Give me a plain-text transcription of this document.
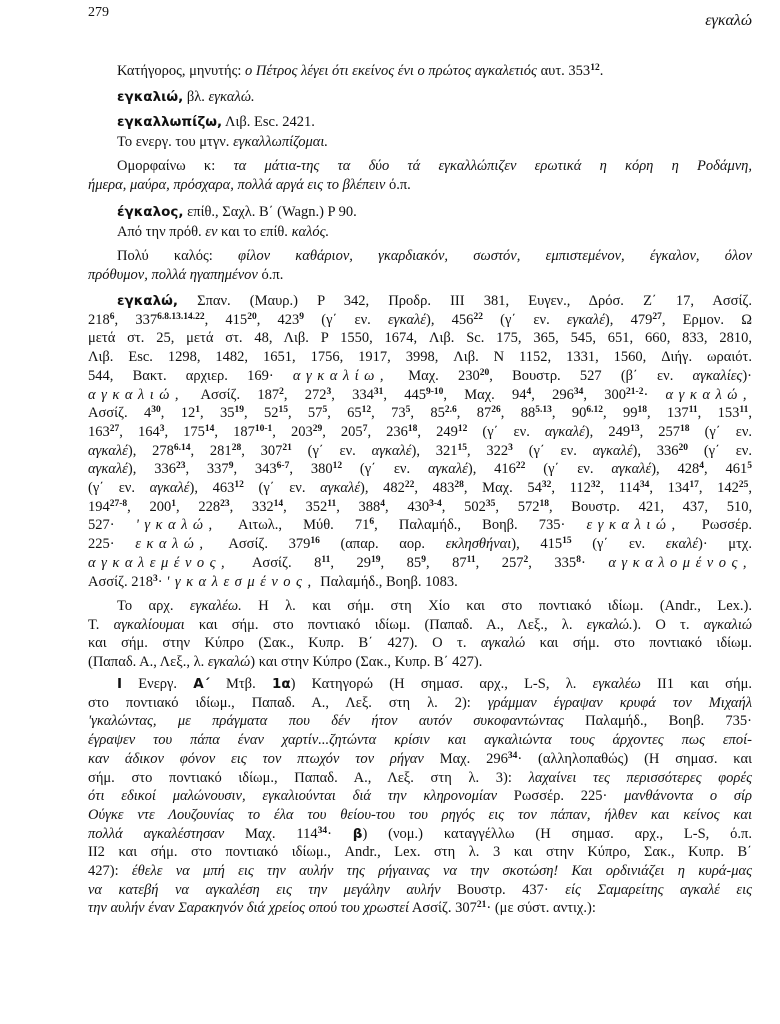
279	εγκαλώ
Κατήγορος, μηνυτής: ο Πέτρος λέγει ότι εκείνος ένι ο πρώτος αγκαλετιός αυτ. $353^{12}$.
εγκαλιώ, βλ. εγκαλώ.
εγκαλλωπίζω, Λιβ. Esc. 2421.
Το ενεργ. του μτγν. εγκαλλωπίζομαι.
Ομορφαίνω κ: τα μάτια-της τα δύο τά εγκαλλώπιζεν ερωτικά η κόρη η Ροδάμνη,
ήμερα, μαύρα, πρόσχαρα, πολλά αργά εις το βλέπειν ό.π.
έγκαλος, επίθ., Σαχλ. Β΄ (Wagn.) P 90.
Από την πρόθ. εν και το επίθ. καλός.
Πολύ καλός: φίλον καθάριον, γκαρδιακόν, σωστόν, εμπιστεμένον, έγκαλον, όλον
πρόθυμον, πολλά ηγαπημένον ό.π.
εγκαλώ, Σπαν. (Μαυρ.) P 342, Προδρ. III 381, Ευγεν., Δρόσ. Ζ΄ 17, Ασσίζ.
$218^6$, $337^{6.8.13.14.22}$, $415^{20}$, $423^9$ (γ΄ εν. εγκαλέ), $456^{22}$ (γ΄ εν. εγκαλέ), $479^{27}$, Ερμον. Ω
μετά στ. 25, μετά στ. 48, Λιβ. P 1550, 1674, Λιβ. Sc. 175, 365, 545, 651, 660, 833, 2810,
Λιβ. Esc. 1298, 1482, 1651, 1756, 1917, 3998, Λιβ. N 1152, 1331, 1560, Διήγ. ωραιότ.
544, Βακτ. αρχιερ. 169· αγκαλίω, Μαχ. $230^{20}$, Βουστρ. 527 (β΄ εν. αγκαλίες)·
αγκαλιώ, Ασσίζ. $187^2$, $272^3$, $334^{31}$, 445$^{9-10}$, Μαχ. $94^4$, $296^{34}$, $300^{21-2}\cdot \alpha\gamma\kappa\alpha\lambda ώ$,
Ασσίζ. $4^{30}$, $12^1$, $35^{19}$, $52^{15}$, $57^5$, $65^{12}$, $73^5$, $85^{2.6}$, $87^{26}$, $88^{5.13}$, $90^{6.12}$, $99^{18}$, $137^{11}$, $153^{11}$,
$163^{27}$, $164^3$, $175^{14}$, 187$^{10-1}$, $203^{29}$, $205^7$, $236^{18}$, $249^{12}$ (γ΄ εν. αγκαλέ), $249^{13}$, $257^{18}$ (γ΄ εν.
αγκαλέ), $278^{6.14}$, $281^{28}$, $307^{21}$ (γ΄ εν. αγκαλέ), $321^{15}$, $322^3$ (γ΄ εν. αγκαλέ), $336^{20}$ (γ΄ εν.
αγκαλέ), $336^{23}$, $337^9$, 343$^{6-7}$, $380^{12}$ (γ΄ εν. αγκαλέ), $416^{22}$ (γ΄ εν. αγκαλέ), $428^4$, $461^5$
(γ΄ εν. αγκαλέ), $463^{12}$ (γ΄ εν. αγκαλέ), $482^{22}$, $483^{28}$, Μαχ. $54^{32}$, $112^{32}$, $114^{34}$, $134^{17}$, $142^{25}$,
194$^{27-8}$, $200^1$, $228^{23}$, $332^{14}$, $352^{11}$, $388^4$, 430$^{3-4}$, $502^{35}$, $572^{18}$, Βουστρ. 421, 437, 510,
527· 'γκαλώ, Αιτωλ., Μύθ. $71^6$, Παλαμήδ., Βοηβ. 735· εγκαλιώ, Ρωσσέρ.
225· εκαλώ, Ασσίζ. $379^{16}$ (απαρ. αορ. εκλησθήναι), $415^{15}$ (γ΄ εν. εκαλέ)· μτχ.
αγκαλεμένος, Ασσίζ. $8^{11}$, $29^{19}$, $85^9$, $87^{11}$, $257^2$, $335^8\cdot \alpha\gamma\kappa\alpha\lambda o\mu έ\nu o\varsigma$,
Ασσίζ. $218^3\cdot$ 'γκαλεσμένος, Παλαμήδ., Βοηβ. 1083.
Το αρχ. εγκαλέω. Η λ. και σήμ. στη Χίο και στο ποντιακό ιδίωμ. (Andr., Lex.).
Τ. αγκαλίουμαι και σήμ. στο ποντιακό ιδίωμ. (Παπαδ. Α., Λεξ., λ. εγκαλώ.). Ο τ. αγκαλιώ
και σήμ. στην Κύπρο (Σακ., Κυπρ. Β΄ 427). Ο τ. αγκαλώ και σήμ. στο ποντιακό ιδίωμ.
(Παπαδ. Α., Λεξ., λ. εγκαλώ) και στην Κύπρο (Σακ., Κυπρ. Β΄ 427).
I Ενεργ. Α΄ Μτβ. 1α) Κατηγορώ (Η σημασ. αρχ., L-S, λ. εγκαλέω ΙΙ1 και σήμ.
στο ποντιακό ιδίωμ., Παπαδ. Α., Λεξ. στη λ. 2): γράμμαν έγραψαν κρυφά τον Μιχαήλ
'γκαλώντας, με πράγματα που δέν ήτον αυτόν συκοφαντώντας Παλαμήδ., Βοηβ. 735·
έγραψεν του πάπα έναν χαρτίν...ζητώντα κρίσιν και αγκαλιώντα τους άρχοντες πως εποί-
καν άδικον φόνον εις τον πτωχόν τον ρήγαν Μαχ. $296^{34}\cdot (\alpha\lambda\lambda\eta\lambda o\pi\alpha\theta ώ\varsigma)$ (Η σημασ. και
σήμ. στο ποντιακό ιδίωμ., Παπαδ. Α., Λεξ. στη λ. 3): λαχαίνει τες περισσότερες φορές
ότι εδικοί μαλώνουσιν, εγκαλιούνται διά την κληρονομίαν Ρωσσέρ. 225· μανθάνοντα ο σίρ
Ούγκε ντε Λουζουνίας το έλα του θείου-του του ρηγός εις τον πάπαν, ήλθεν και κείνος και
πολλά αγκαλέστησαν Μαχ. $114^{34}\cdot \beta$) (νομ.) καταγγέλλω (Η σημασ. αρχ., L-S, ό.π.
ΙΙ2 και σήμ. στο ποντιακό ιδίωμ., Andr., Lex. στη λ. 3 και στην Κύπρο, Σακ., Κυπρ. Β΄
427): έθελε να μπή εις την αυλήν της ρήγαινας να την σκοτώση! Και ορδινιάζει η κυρά-μας
να κατεβή να αγκαλέση εις την μεγάλην αυλήν Βουστρ. 437· είς Σαμαρείτης αγκαλέ εις
την αυλήν έναν Σαρακηνόν διά χρείος οπού του χρωστεί Ασσίζ. $307^{21}\cdot (\mu\varepsilon$ σύστ. αντιχ.):
